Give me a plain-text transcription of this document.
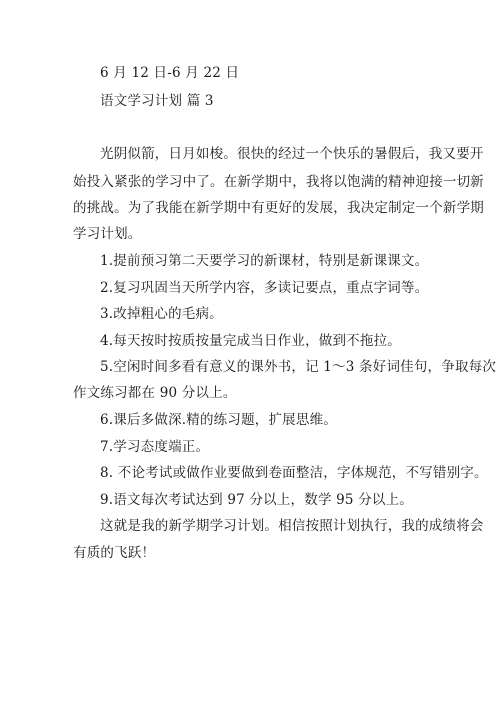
6 月 12 日-6 月 22 日
语文学习计划 篇 3
光阴似箭，日月如梭。很快的经过一个快乐的暑假后，我又要开
始投入紧张的学习中了。在新学期中，我将以饱满的精神迎接一切新
的挑战。为了我能在新学期中有更好的发展，我决定制定一个新学期
学习计划。
1.提前预习第二天要学习的新课材，特别是新课课文。
2.复习巩固当天所学内容，多读记要点，重点字词等。
3.改掉粗心的毛病。
4.每天按时按质按量完成当日作业，做到不拖拉。
5.空闲时间多看有意义的课外书，记 1～3 条好词佳句，争取每次
作文练习都在 90 分以上。
6.课后多做深.精的练习题，扩展思维。
7.学习态度端正。
8. 不论考试或做作业要做到卷面整洁，字体规范，不写错别字。
9.语文每次考试达到 97 分以上，数学 95 分以上。
这就是我的新学期学习计划。相信按照计划执行，我的成绩将会
有质的飞跃！
